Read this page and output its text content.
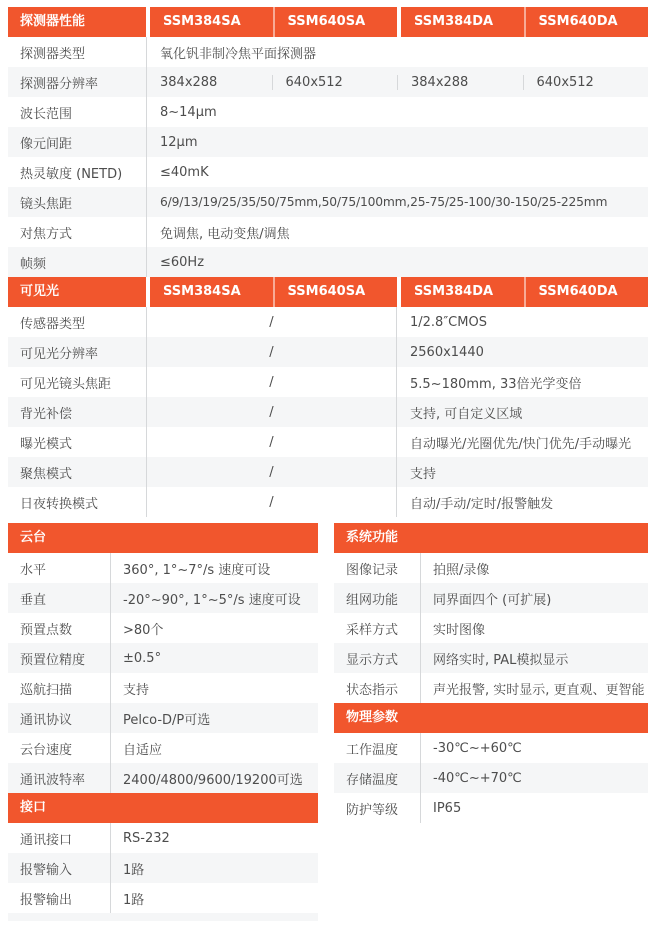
探测器性能	SSM384SA	SSM640SA	SSM384DA	SSM640DA
探测器类型	氧化钒非制冷焦平面探测器
探测器分辨率	384x288	640x512	384x288	640x512
波长范围	8~14μm
像元间距	12μm
热灵敏度 (NETD)	≤40mK
镜头焦距	6/9/13/19/25/35/50/75mm,50/75/100mm,25-75/25-100/30-150/25-225mm
对焦方式	免调焦, 电动变焦/调焦
帧频	≤60Hz
可见光	SSM384SA	SSM640SA	SSM384DA	SSM640DA
传感器类型	/	1/2.8″CMOS
可见光分辨率	/	2560x1440
可见光镜头焦距	/	5.5~180mm, 33倍光学变倍
背光补偿	/	支持, 可自定义区域
曝光模式	/	自动曝光/光圈优先/快门优先/手动曝光
聚焦模式	/	支持
日夜转换模式	/	自动/手动/定时/报警触发
云台
水平	360°, 1°~7°/s 速度可设
垂直	-20°~90°, 1°~5°/s 速度可设
预置点数	>80个
预置位精度	±0.5°
巡航扫描	支持
通讯协议	Pelco-D/P可选
云台速度	自适应
通讯波特率	2400/4800/9600/19200可选
接口
通讯接口	RS-232
报警输入	1路
报警输出	1路
系统功能
图像记录	拍照/录像
组网功能	同界面四个 (可扩展)
采样方式	实时图像
显示方式	网络实时, PAL模拟显示
状态指示	声光报警, 实时显示, 更直观、更智能
物理参数
工作温度	-30℃~+60℃
存储温度	-40℃~+70℃
防护等级	IP65
